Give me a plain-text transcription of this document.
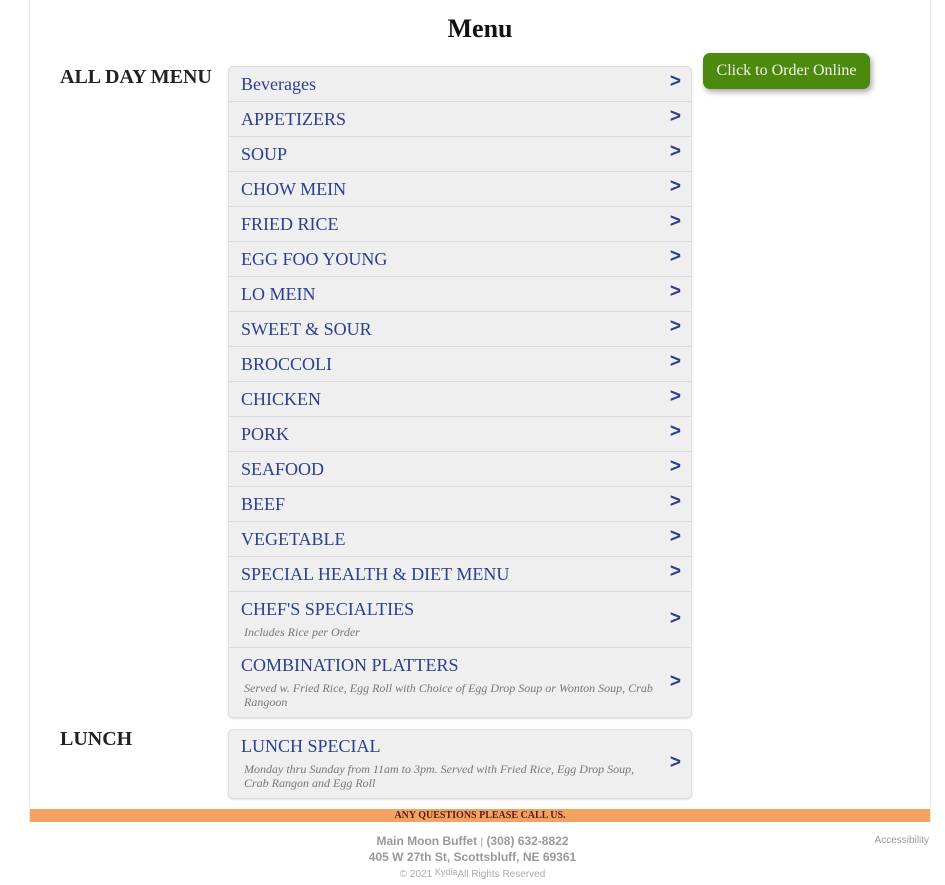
Menu
ALL DAY MENU Beverages	>
APPETIZERS	>
SOUP	>
CHOW MEIN	>
FRIED RICE	>
EGG FOO YOUNG	>
LO MEIN	>
SWEET & SOUR	>
BROCCOLI	>
CHICKEN	>
PORK	>
SEAFOOD	>
BEEF	>
VEGETABLE	>
SPECIAL HEALTH & DIET MENU	>
CHEF'S SPECIALTIES
Includes Rice per Order
>
COMBINATION PLATTERS
Served w. Fried Rice, Egg Roll with Choice of Egg Drop Soup or Wonton Soup, Crab Rangoon
>
LUNCH	LUNCH SPECIAL
Monday thru Sunday from 11am to 3pm. Served with Fried Rice, Egg Drop Soup, Crab Rangon and Egg Roll
>
Click to Order Online
ANY QUESTIONS PLEASE CALL US.
Main Moon Buffet | (308) 632-8822
405 W 27th St, Scottsbluff, NE 69361
© 2021 KydiaAll Rights Reserved
Accessibility
